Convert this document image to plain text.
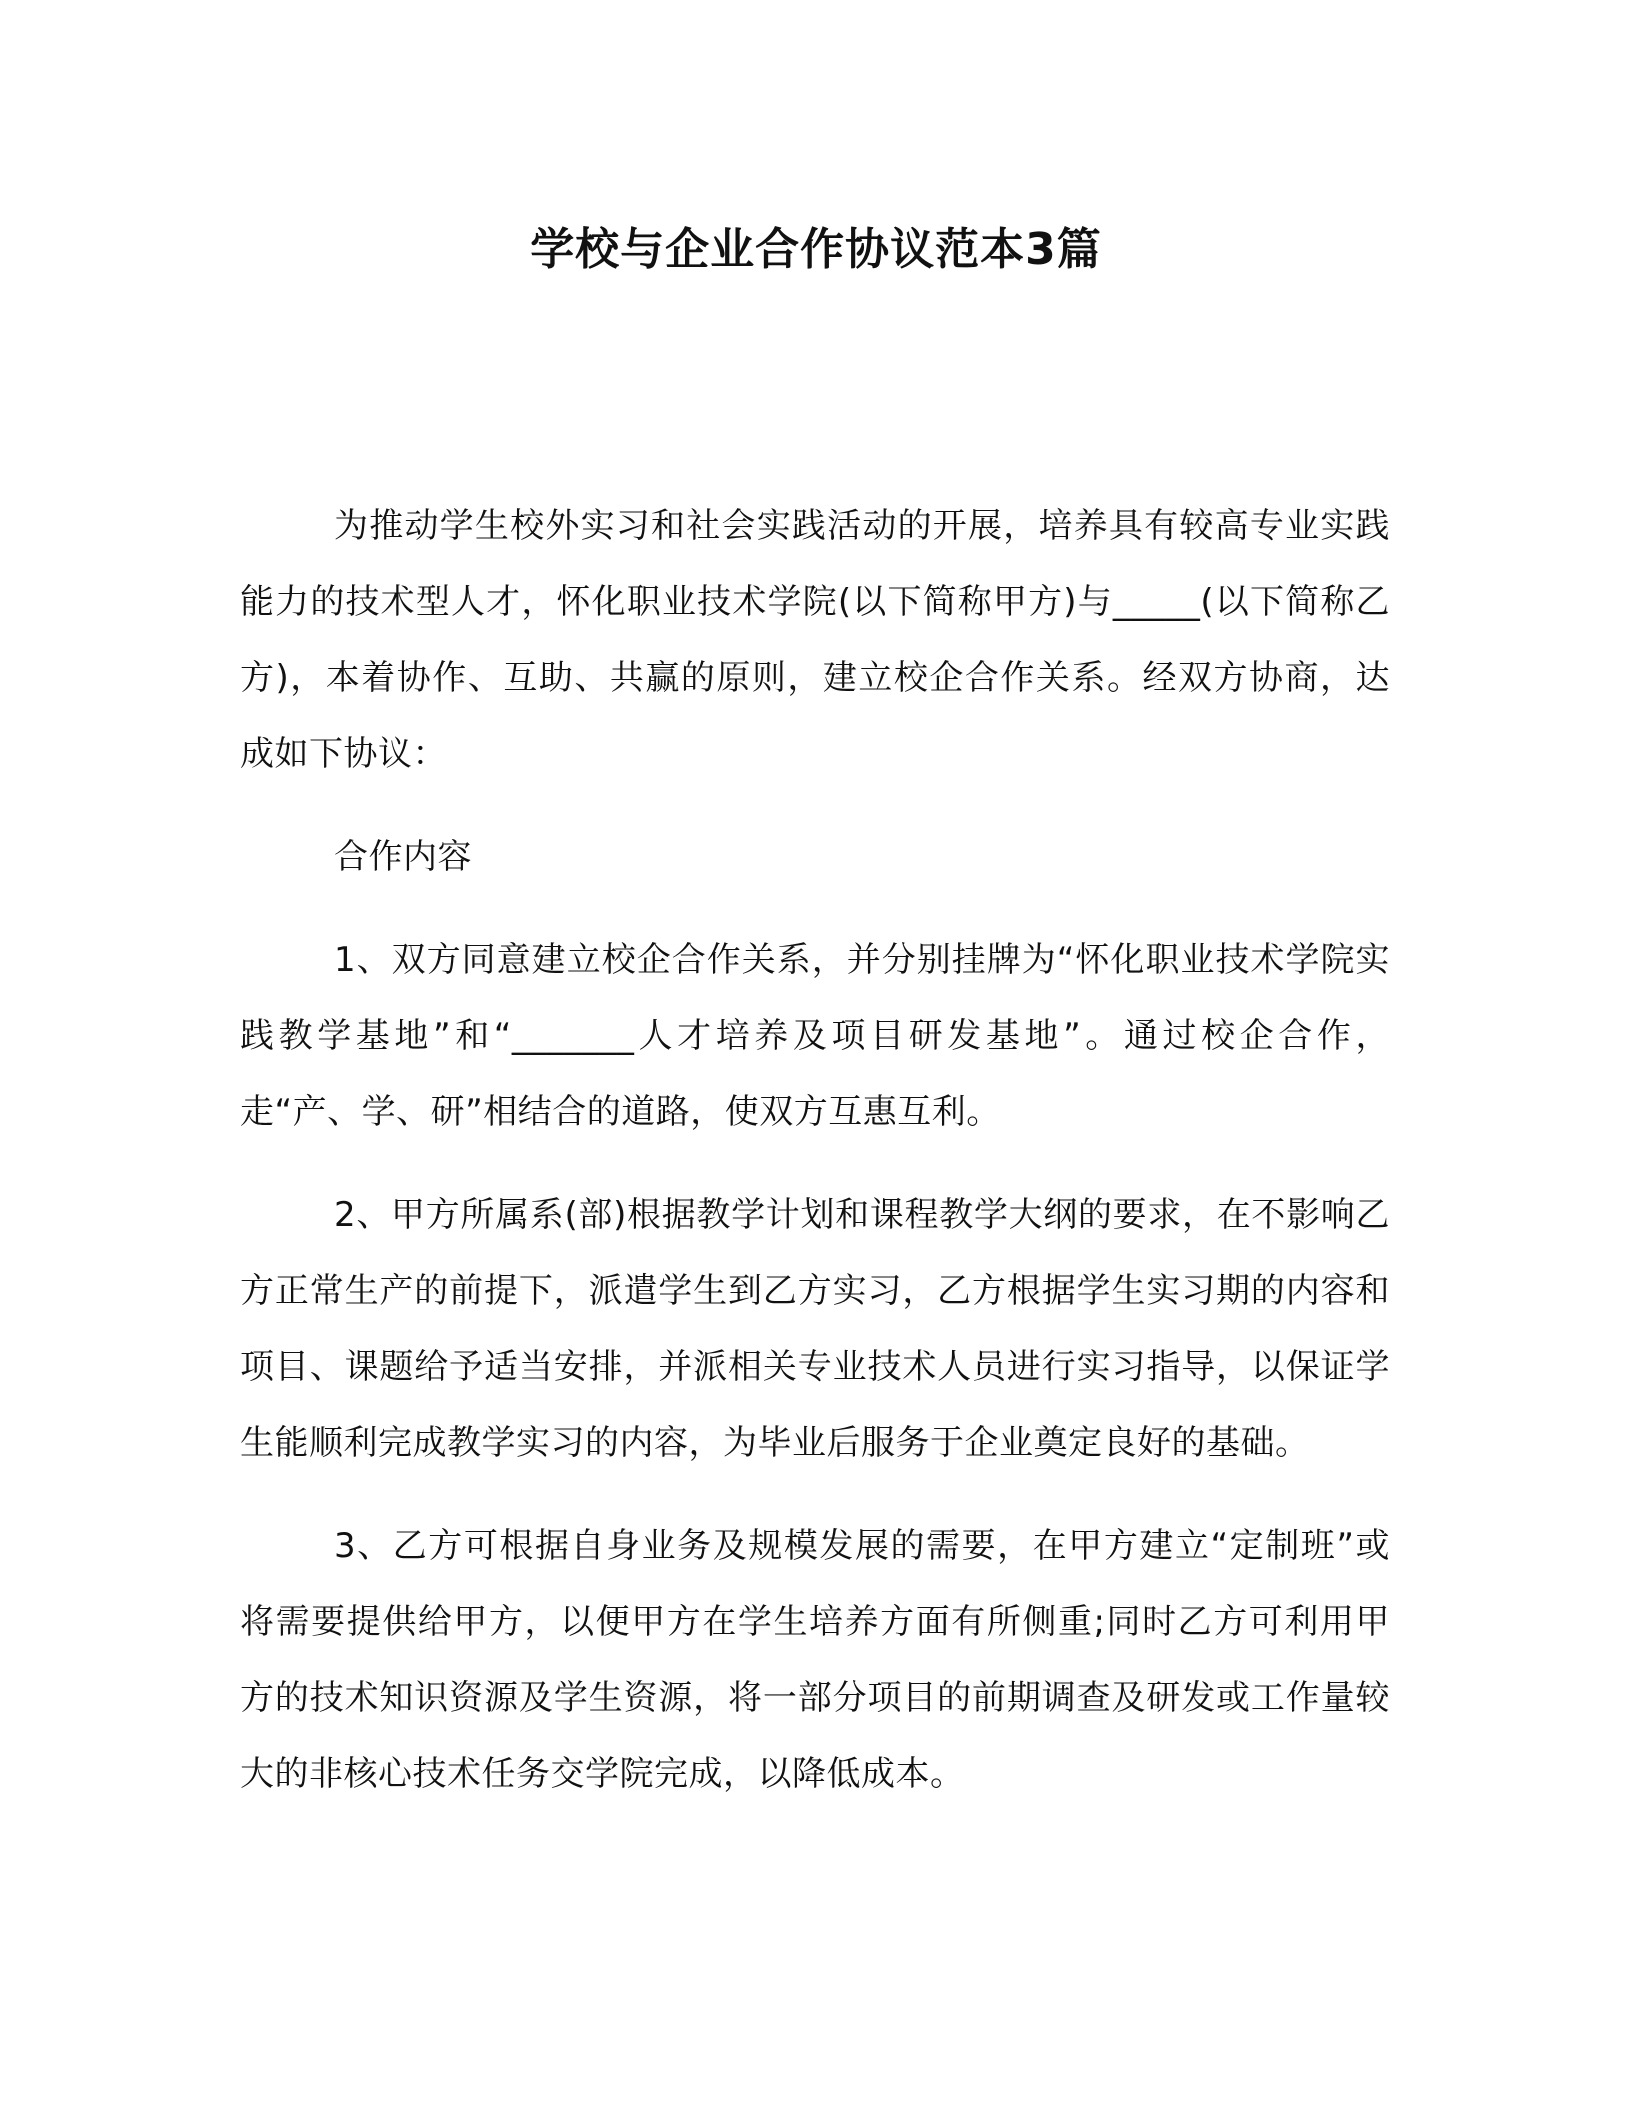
学校与企业合作协议范本3篇

为推动学生校外实习和社会实践活动的开展，培养具有较高专业实践能力的技术型人才，怀化职业技术学院(以下简称甲方)与_____(以下简称乙方)，本着协作、互助、共赢的原则，建立校企合作关系。经双方协商，达成如下协议：

合作内容

1、双方同意建立校企合作关系，并分别挂牌为“怀化职业技术学院实践教学基地”和“_______人才培养及项目研发基地”。通过校企合作，走“产、学、研”相结合的道路，使双方互惠互利。

2、甲方所属系(部)根据教学计划和课程教学大纲的要求，在不影响乙方正常生产的前提下，派遣学生到乙方实习，乙方根据学生实习期的内容和项目、课题给予适当安排，并派相关专业技术人员进行实习指导，以保证学生能顺利完成教学实习的内容，为毕业后服务于企业奠定良好的基础。

3、乙方可根据自身业务及规模发展的需要，在甲方建立“定制班”或将需要提供给甲方，以便甲方在学生培养方面有所侧重;同时乙方可利用甲方的技术知识资源及学生资源，将一部分项目的前期调查及研发或工作量较大的非核心技术任务交学院完成，以降低成本。
